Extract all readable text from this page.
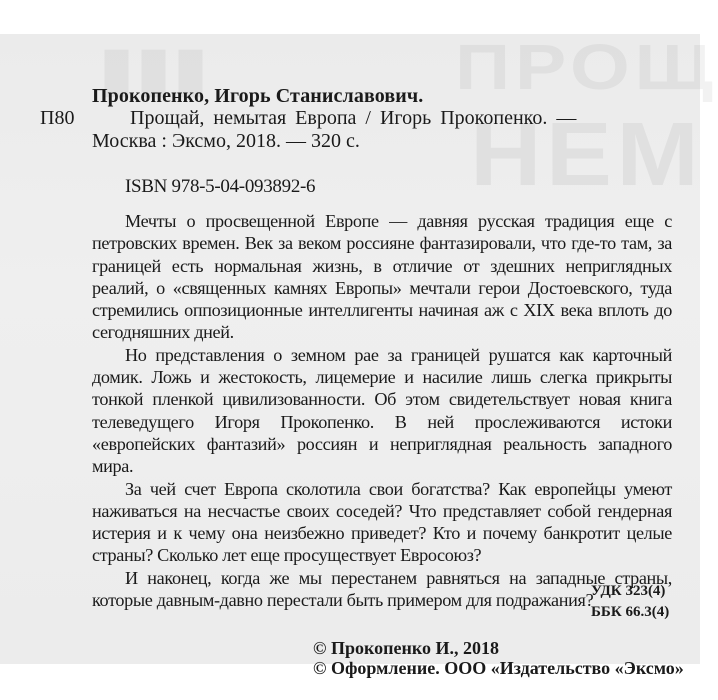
▮▮▮	ПРОЩ
НЕМ
Прокопенко, Игорь Станиславович.
П80	Прощай, немытая Европа / Игорь Прокопенко. —
Москва : Эксмо, 2018. — 320 с.
ISBN 978-5-04-093892-6

Мечты о просвещенной Европе — давняя русская традиция еще с петровских времен. Век за веком россияне фантазировали, что где-то там, за границей есть нормальная жизнь, в отличие от здешних неприглядных реалий, о «священных камнях Европы» мечтали герои Достоевского, туда стремились оппозиционные интеллигенты начиная аж с XIX века вплоть до сегодняшних дней.

Но представления о земном рае за границей рушатся как карточный домик. Ложь и жестокость, лицемерие и насилие лишь слегка прикрыты тонкой пленкой цивилизованности. Об этом свидетельствует новая книга телеведущего Игоря Прокопенко. В ней прослеживаются истоки «европейских фантазий» россиян и неприглядная реальность западного мира.

За чей счет Европа сколотила свои богатства? Как европейцы умеют наживаться на несчастье своих соседей? Что представляет собой гендерная истерия и к чему она неизбежно приведет? Кто и почему банкротит целые страны? Сколько лет еще просуществует Евросоюз?

И наконец, когда же мы перестанем равняться на западные страны, которые давным-давно перестали быть примером для подражания?

УДК 323(4)
ББК 66.3(4)
© Прокопенко И., 2018
© Оформление. ООО «Издательство «Эксмо»
